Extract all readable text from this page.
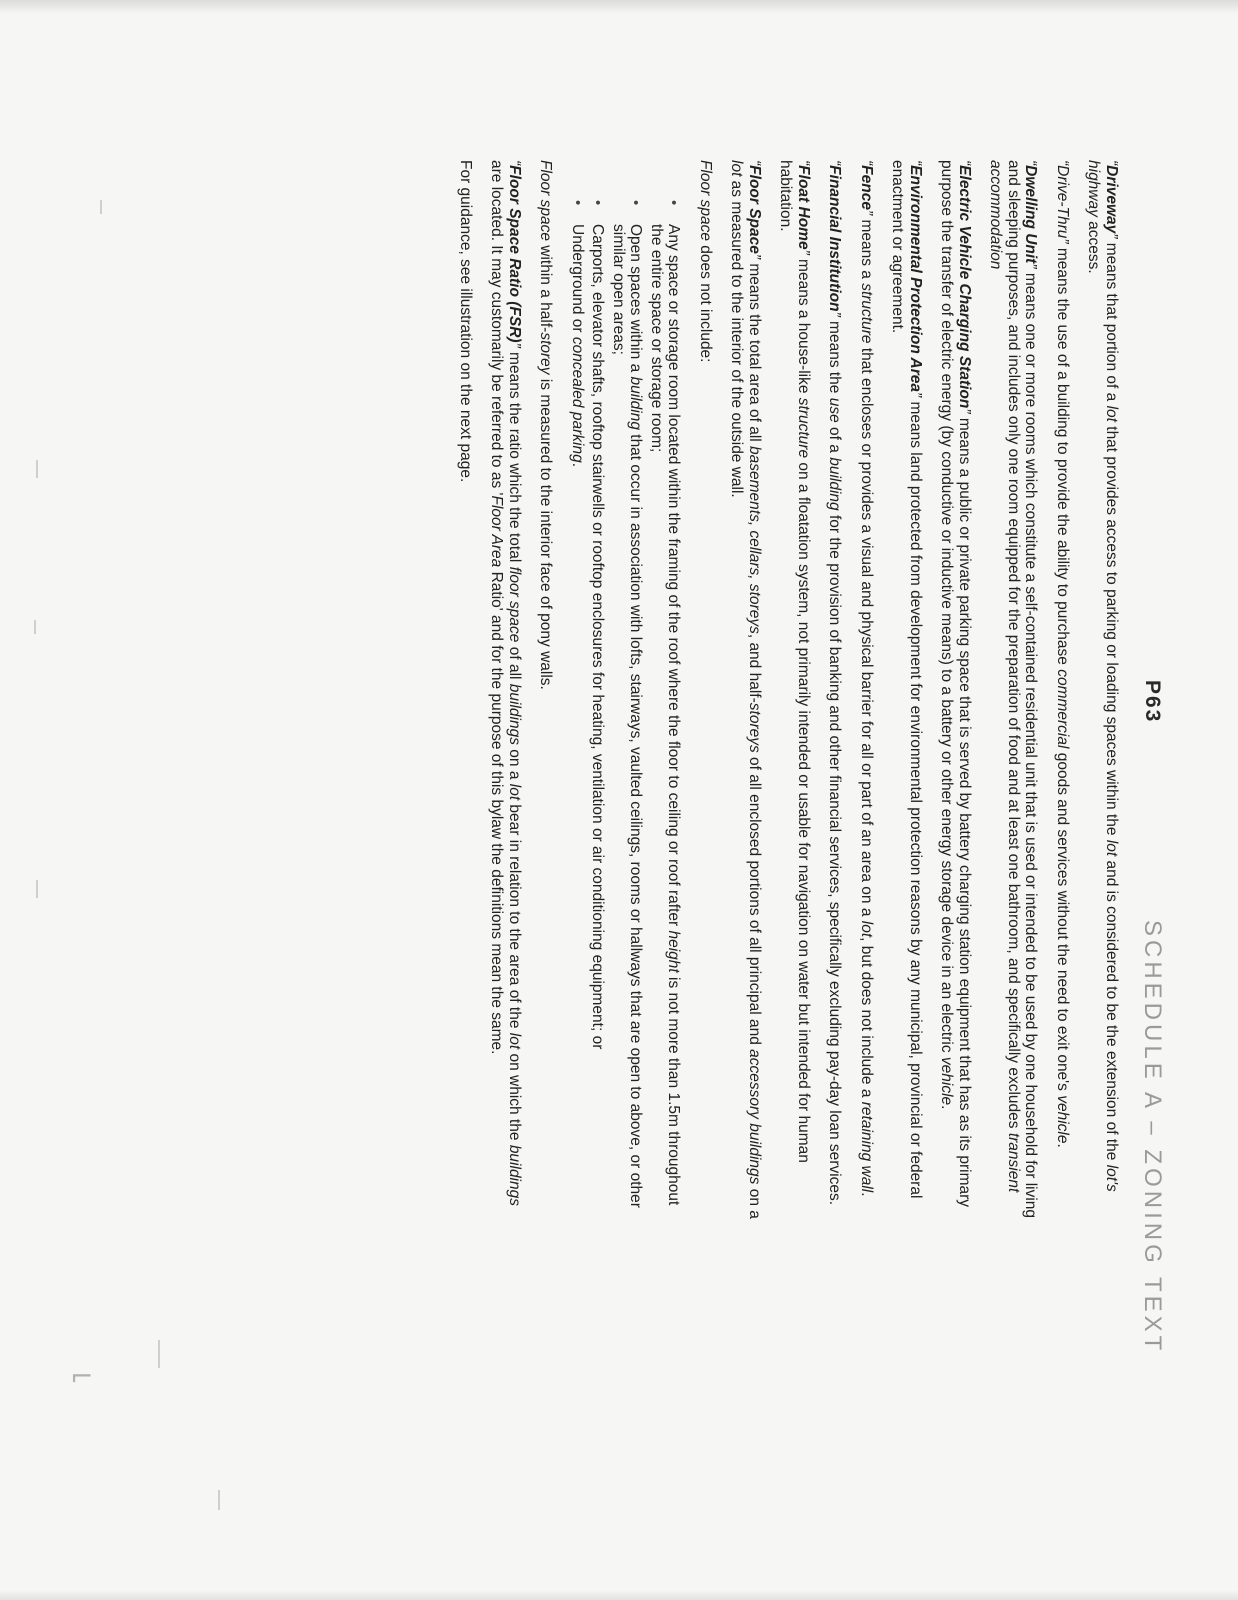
⌐
P63
SCHEDULE A – ZONING TEXT

“Driveway” means that portion of a lot that provides access to parking or loading spaces within the lot and is considered to be the extension of the lot's highway access.

“Drive-Thru” means the use of a building to provide the ability to purchase commercial goods and services without the need to exit one's vehicle.

“Dwelling Unit” means one or more rooms which constitute a self-contained residential unit that is used or intended to be used by one household for living and sleeping purposes, and includes only one room equipped for the preparation of food and at least one bathroom, and specifically excludes transient accommodation

“Electric Vehicle Charging Station” means a public or private parking space that is served by battery charging station equipment that has as its primary purpose the transfer of electric energy (by conductive or inductive means) to a battery or other energy storage device in an electric vehicle.

“Environmental Protection Area” means land protected from development for environmental protection reasons by any municipal, provincial or federal enactment or agreement.

“Fence” means a structure that encloses or provides a visual and physical barrier for all or part of an area on a lot, but does not include a retaining wall.

“Financial Institution” means the use of a building for the provision of banking and other financial services, specifically excluding pay-day loan services.

“Float Home” means a house-like structure on a floatation system, not primarily intended or usable for navigation on water but intended for human habitation.

“Floor Space” means the total area of all basements, cellars, storeys, and half-storeys of all enclosed portions of all principal and accessory buildings on a lot as measured to the interior of the outside wall.

Floor space does not include:

•
Any space or storage room located within the framing of the roof where the floor to ceiling or roof rafter height is not more than 1.5m throughout the entire space or storage room;
•
Open spaces within a building that occur in association with lofts, stairways, vaulted ceilings, rooms or hallways that are open to above, or other similar open areas;
•
Carports, elevator shafts, rooftop stairwells or rooftop enclosures for heating, ventilation or air conditioning equipment; or
•
Underground or concealed parking.

Floor space within a half-storey is measured to the interior face of pony walls.

“Floor Space Ratio (FSR)” means the ratio which the total floor space of all buildings on a lot bear in relation to the area of the lot on which the buildings are located. It may customarily be referred to as 'Floor Area Ratio' and for the purpose of this bylaw the definitions mean the same.

For guidance, see illustration on the next page.
